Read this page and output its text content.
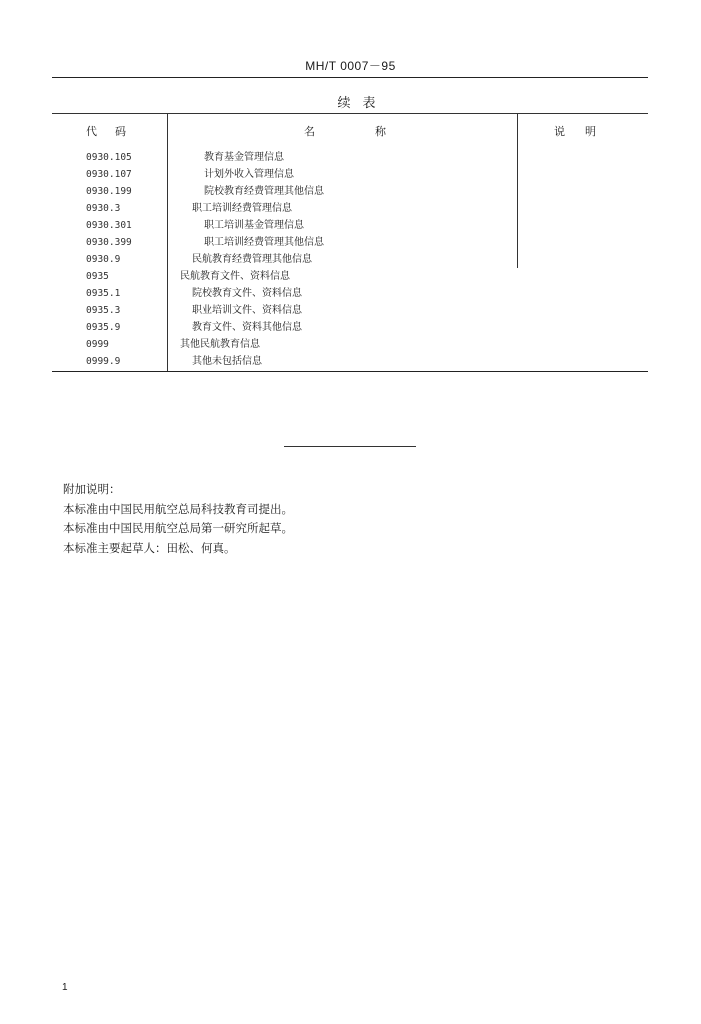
MH/T 0007－95
续表
代码	名称	说明
0930.105	教育基金管理信息
0930.107	计划外收入管理信息
0930.199	院校教育经费管理其他信息
0930.3	职工培训经费管理信息
0930.301	职工培训基金管理信息
0930.399	职工培训经费管理其他信息
0930.9	民航教育经费管理其他信息
0935	民航教育文件、资料信息
0935.1	院校教育文件、资料信息
0935.3	职业培训文件、资料信息
0935.9	教育文件、资料其他信息
0999	其他民航教育信息
0999.9	其他未包括信息
附加说明：
本标准由中国民用航空总局科技教育司提出。
本标准由中国民用航空总局第一研究所起草。
本标准主要起草人：田松、何真。
1
